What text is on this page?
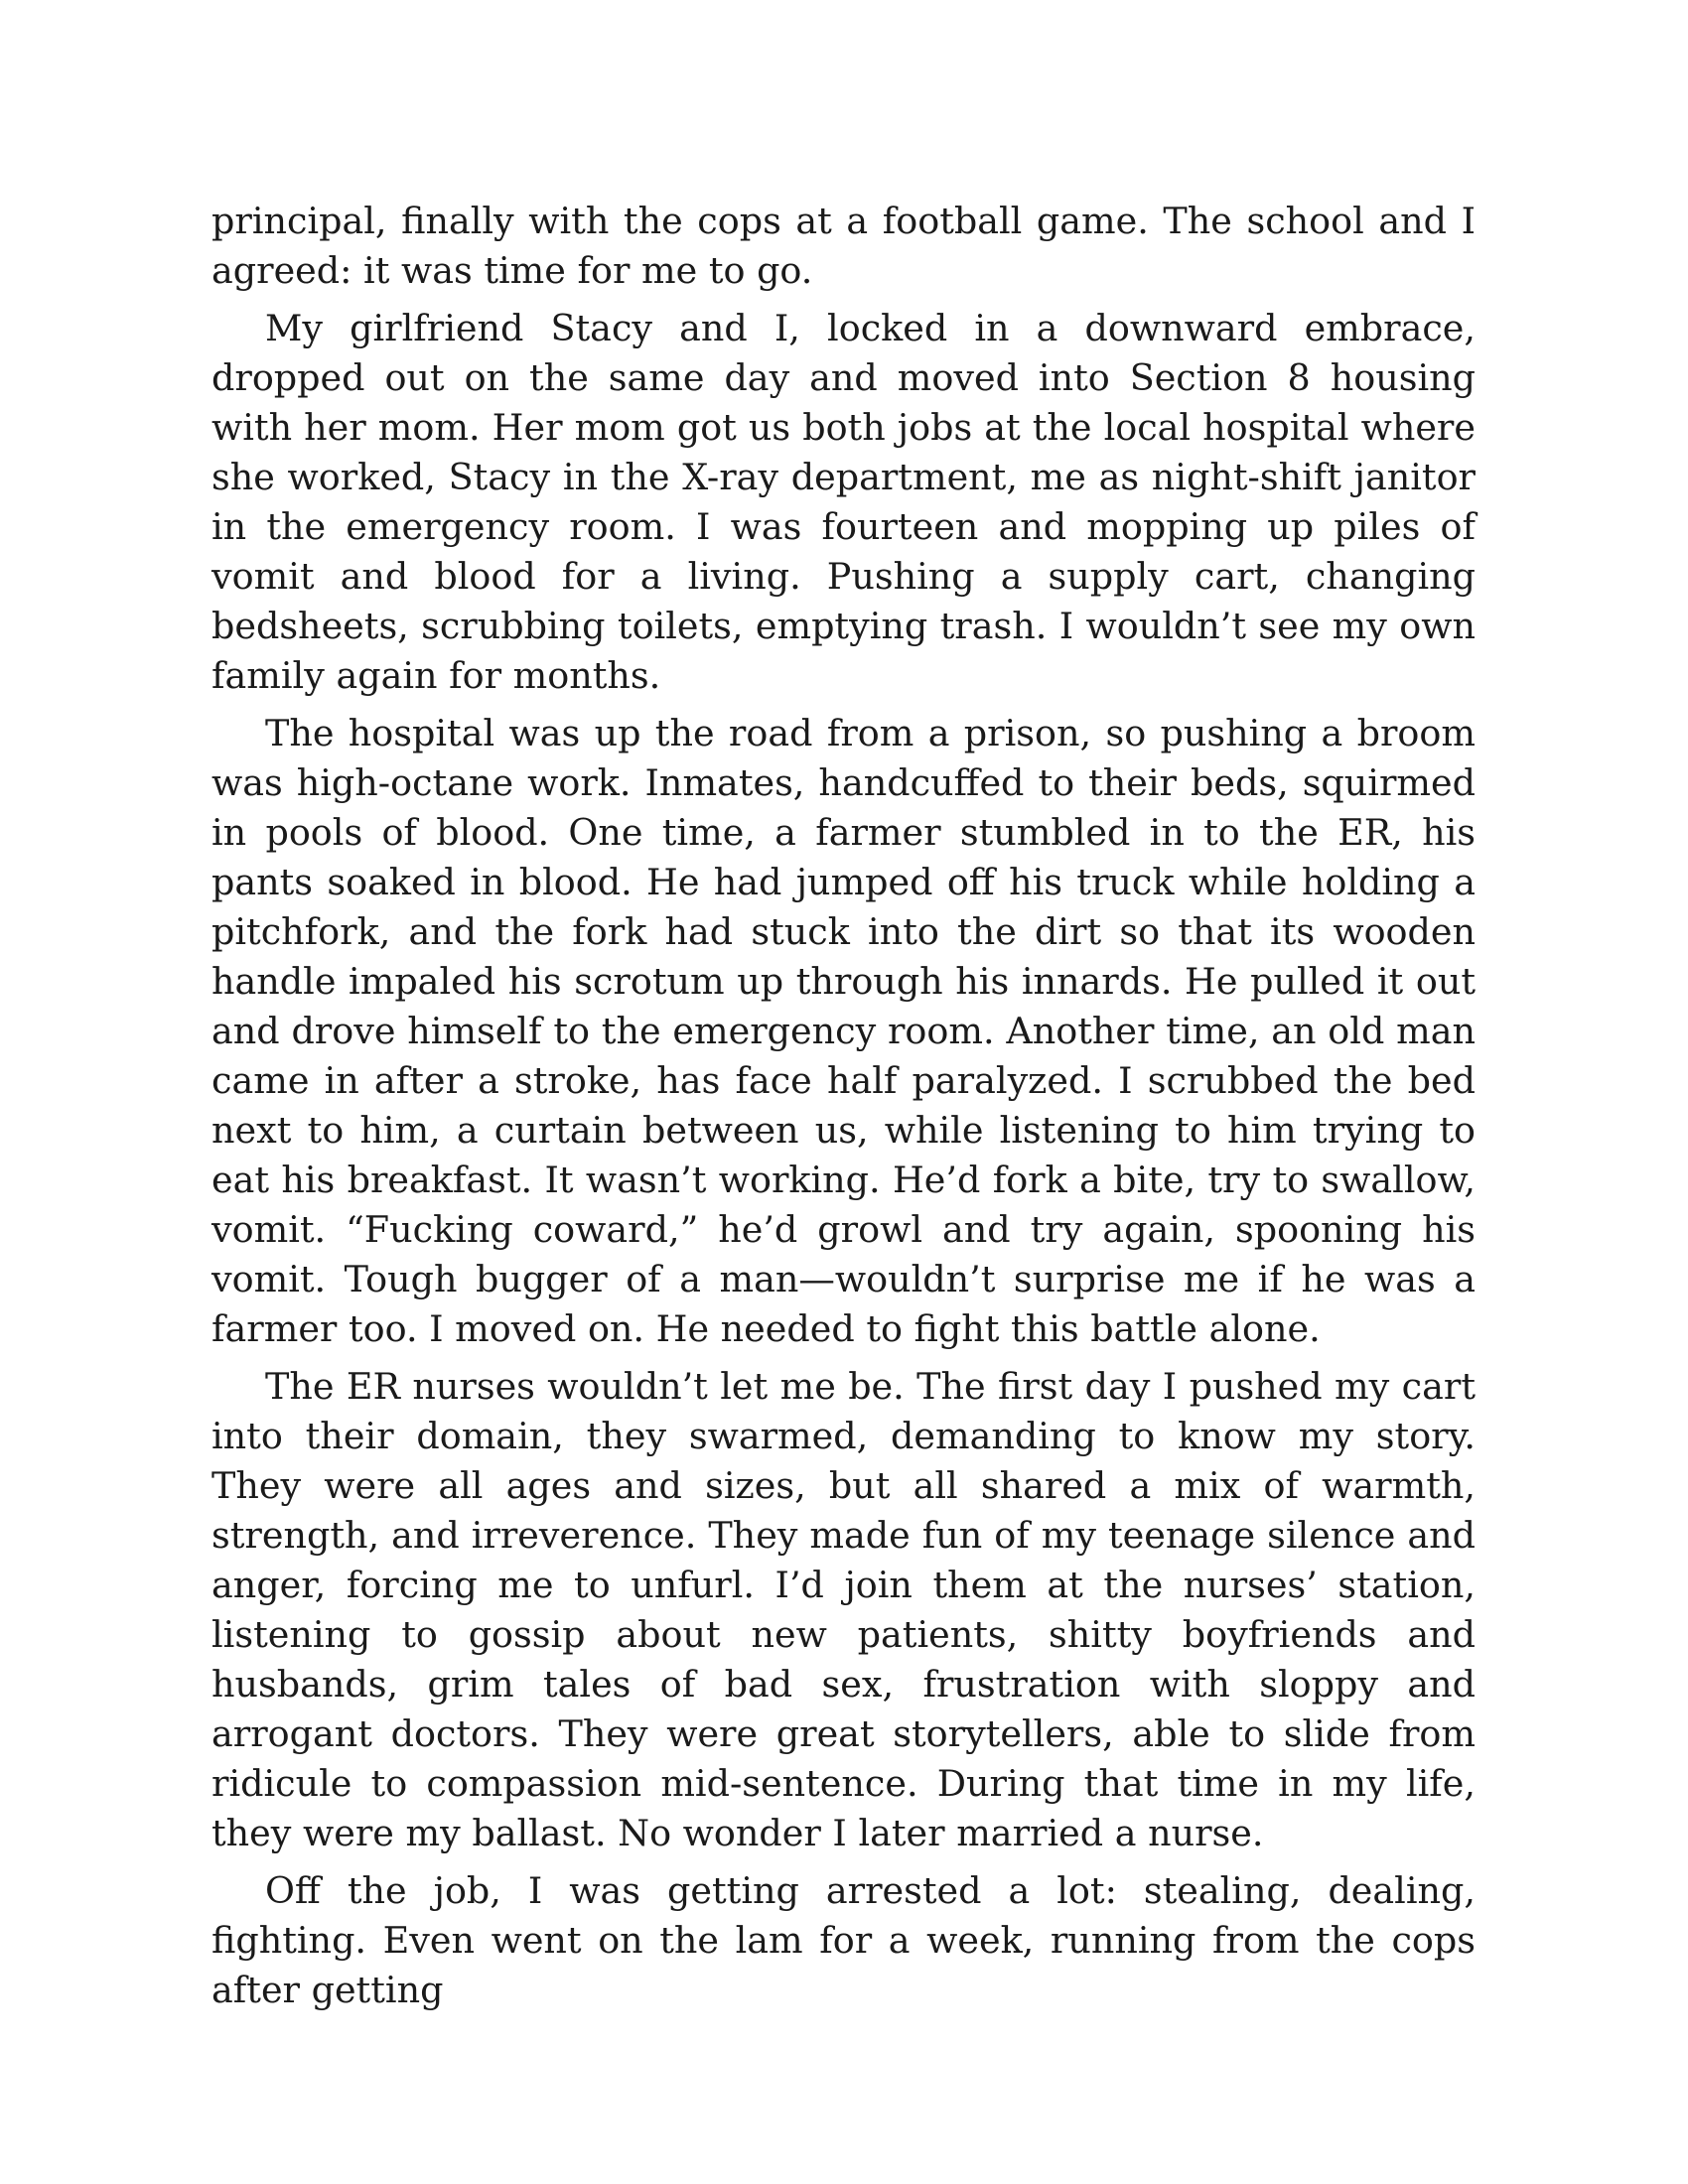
principal, finally with the cops at a football game. The school and I agreed: it was time for me to go.

My girlfriend Stacy and I, locked in a downward embrace, dropped out on the same day and moved into Section 8 housing with her mom. Her mom got us both jobs at the local hospital where she worked, Stacy in the X-ray department, me as night-shift janitor in the emergency room. I was fourteen and mopping up piles of vomit and blood for a living. Pushing a supply cart, changing bedsheets, scrubbing toilets, emptying trash. I wouldn’t see my own family again for months.

The hospital was up the road from a prison, so pushing a broom was high-octane work. Inmates, handcuffed to their beds, squirmed in pools of blood. One time, a farmer stumbled in to the ER, his pants soaked in blood. He had jumped off his truck while holding a pitchfork, and the fork had stuck into the dirt so that its wooden handle impaled his scrotum up through his innards. He pulled it out and drove himself to the emergency room. Another time, an old man came in after a stroke, has face half paralyzed. I scrubbed the bed next to him, a curtain between us, while listening to him trying to eat his breakfast. It wasn’t working. He’d fork a bite, try to swallow, vomit. “Fucking coward,” he’d growl and try again, spooning his vomit. Tough bugger of a man—wouldn’t surprise me if he was a farmer too. I moved on. He needed to fight this battle alone.

The ER nurses wouldn’t let me be. The first day I pushed my cart into their domain, they swarmed, demanding to know my story. They were all ages and sizes, but all shared a mix of warmth, strength, and irreverence. They made fun of my teenage silence and anger, forcing me to unfurl. I’d join them at the nurses’ station, listening to gossip about new patients, shitty boyfriends and husbands, grim tales of bad sex, frustration with sloppy and arrogant doctors. They were great storytellers, able to slide from ridicule to compassion mid-sentence. During that time in my life, they were my ballast. No wonder I later married a nurse.

Off the job, I was getting arrested a lot: stealing, dealing, fighting. Even went on the lam for a week, running from the cops after getting
